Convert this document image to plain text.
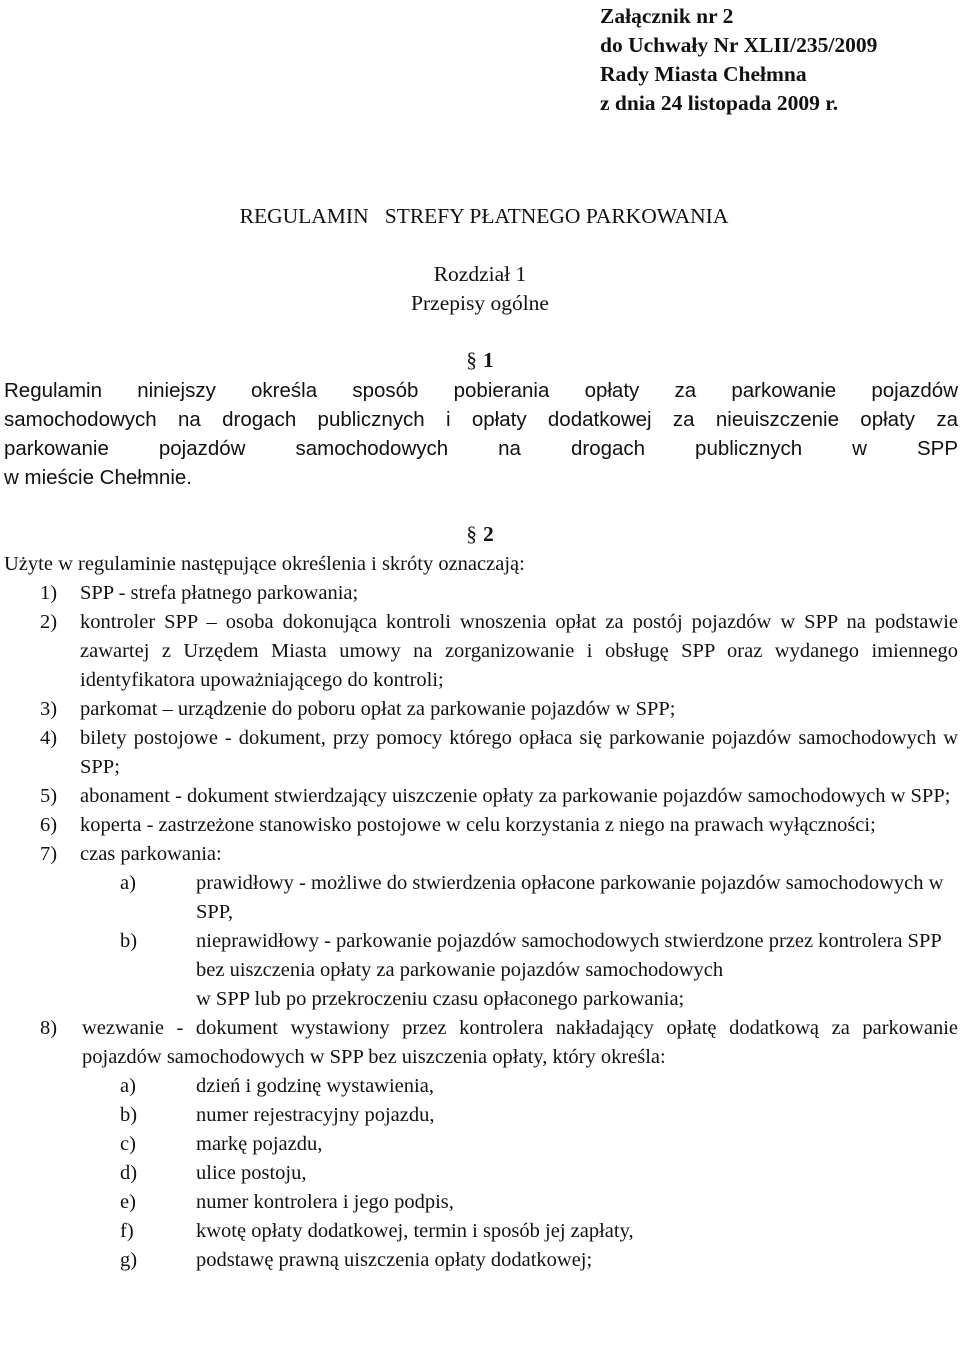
Załącznik nr 2
do Uchwały Nr XLII/235/2009
Rady Miasta Chełmna
z dnia 24 listopada 2009 r.
REGULAMIN   STREFY PŁATNEGO PARKOWANIA
Rozdział 1
Przepisy ogólne
§ 1
Regulamin niniejszy określa sposób pobierania opłaty za parkowanie pojazdów
samochodowych na drogach publicznych i opłaty dodatkowej za nieuiszczenie opłaty za
parkowanie pojazdów samochodowych na drogach publicznych w SPP
w mieście Chełmnie.
§ 2
Użyte w regulaminie następujące określenia i skróty oznaczają:
1) SPP - strefa płatnego parkowania;
2) kontroler SPP – osoba dokonująca kontroli wnoszenia opłat za postój pojazdów w SPP na podstawie zawartej z Urzędem Miasta umowy na zorganizowanie i obsługę SPP oraz wydanego imiennego identyfikatora upoważniającego do kontroli;
3) parkomat – urządzenie do poboru opłat za parkowanie pojazdów w SPP;
4) bilety postojowe - dokument, przy pomocy którego opłaca się parkowanie pojazdów samochodowych w SPP;
5) abonament - dokument stwierdzający uiszczenie opłaty za parkowanie pojazdów samochodowych w SPP;
6) koperta - zastrzeżone stanowisko postojowe w celu korzystania z niego na prawach wyłączności;
7) czas parkowania:
a)	prawidłowy - możliwe do stwierdzenia opłacone parkowanie pojazdów samochodowych w SPP,
b)	nieprawidłowy - parkowanie pojazdów samochodowych stwierdzone przez kontrolera SPP bez uiszczenia opłaty za parkowanie pojazdów samochodowych
w SPP lub po przekroczeniu czasu opłaconego parkowania;
8) wezwanie - dokument wystawiony przez kontrolera nakładający opłatę dodatkową za parkowanie pojazdów samochodowych w SPP bez uiszczenia opłaty, który określa:
a)	dzień i godzinę wystawienia,
b)	numer rejestracyjny pojazdu,
c)	markę pojazdu,
d)	ulice postoju,
e)	numer kontrolera i jego podpis,
f)	kwotę opłaty dodatkowej, termin i sposób jej zapłaty,
g)	podstawę prawną uiszczenia opłaty dodatkowej;
